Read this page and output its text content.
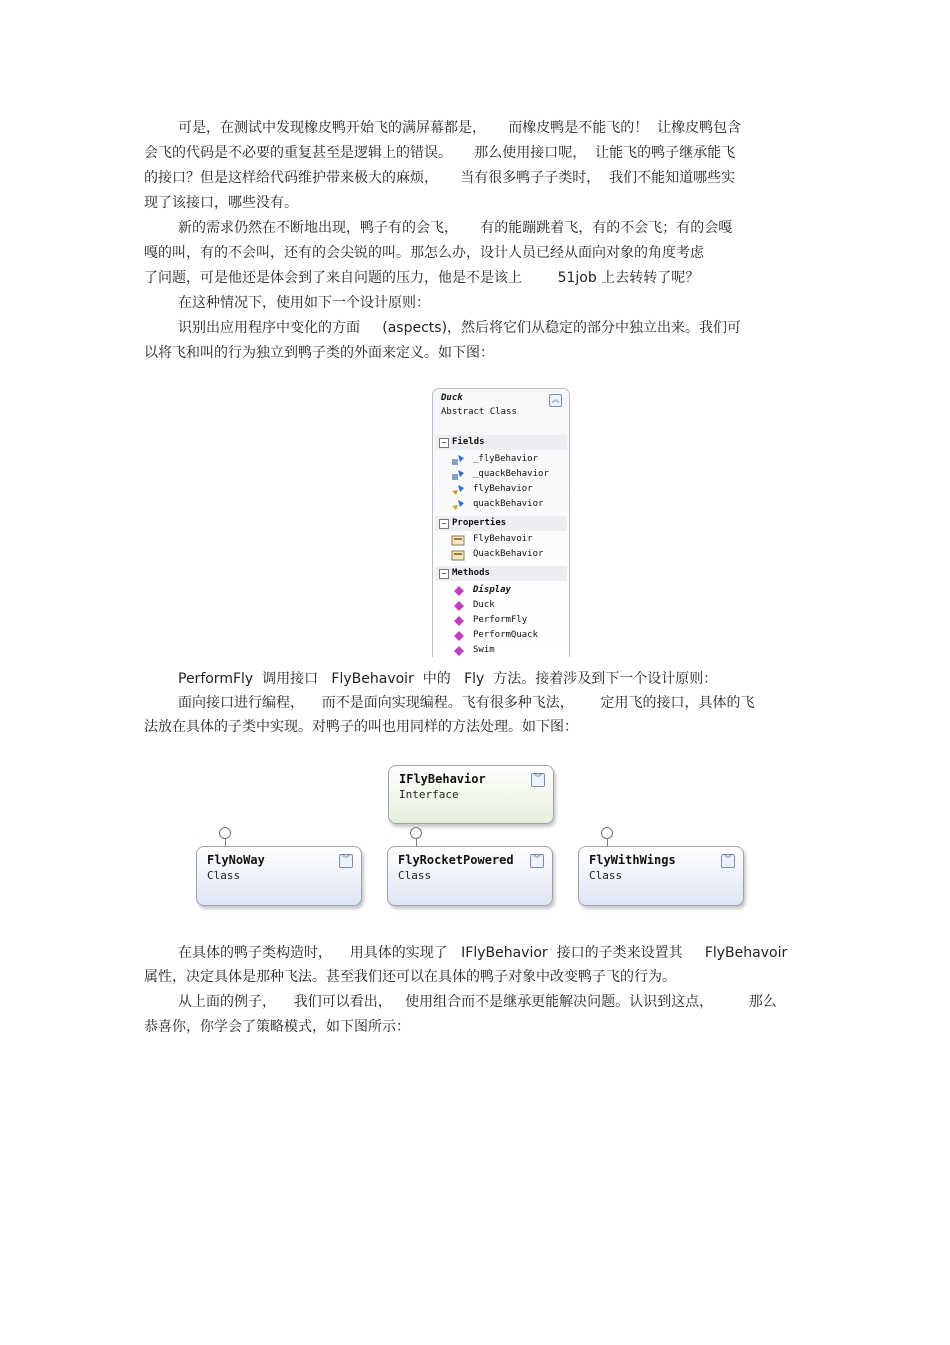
可是，在测试中发现橡皮鸭开始飞的满屏幕都是，     而橡皮鸭是不能飞的！  让橡皮鸭包含
会飞的代码是不必要的重复甚至是逻辑上的错误。     那么使用接口呢，  让能飞的鸭子继承能飞
的接口？但是这样给代码维护带来极大的麻烦，     当有很多鸭子子类时，  我们不能知道哪些实
现了该接口，哪些没有。
新的需求仍然在不断地出现，鸭子有的会飞，     有的能蹦跳着飞，有的不会飞；有的会嘎
嘎的叫，有的不会叫，还有的会尖锐的叫。那怎么办，设计人员已经从面向对象的角度考虑
了问题，可是他还是体会到了来自问题的压力，他是不是该上        51job 上去转转了呢？
在这种情况下，使用如下一个设计原则：
识别出应用程序中变化的方面     (aspects)，然后将它们从稳定的部分中独立出来。我们可
以将飞和叫的行为独立到鸭子类的外面来定义。如下图：
Duck
Abstract Class
︽
− Fields
_flyBehavior
_quackBehavior
flyBehavior
quackBehavior
− Properties
FlyBehavoir
QuackBehavior
− Methods
Display
Duck
PerformFly
PerformQuack
Swim
PerformFly  调用接口   FlyBehavoir  中的   Fly  方法。接着涉及到下一个设计原则：
面向接口进行编程，    而不是面向实现编程。飞有很多种飞法，      定用飞的接口，具体的飞
法放在具体的子类中实现。对鸭子的叫也用同样的方法处理。如下图：
IFlyBehavior
Interface
︾
FlyNoWay
Class
︾	FlyRocketPowered
Class
︾	FlyWithWings
Class
︾
在具体的鸭子类构造时，    用具体的实现了   IFlyBehavior  接口的子类来设置其     FlyBehavoir
属性，决定具体是那种飞法。甚至我们还可以在具体的鸭子对象中改变鸭子飞的行为。
从上面的例子，    我们可以看出，   使用组合而不是继承更能解决问题。认识到这点，        那么
恭喜你，你学会了策略模式，如下图所示：
